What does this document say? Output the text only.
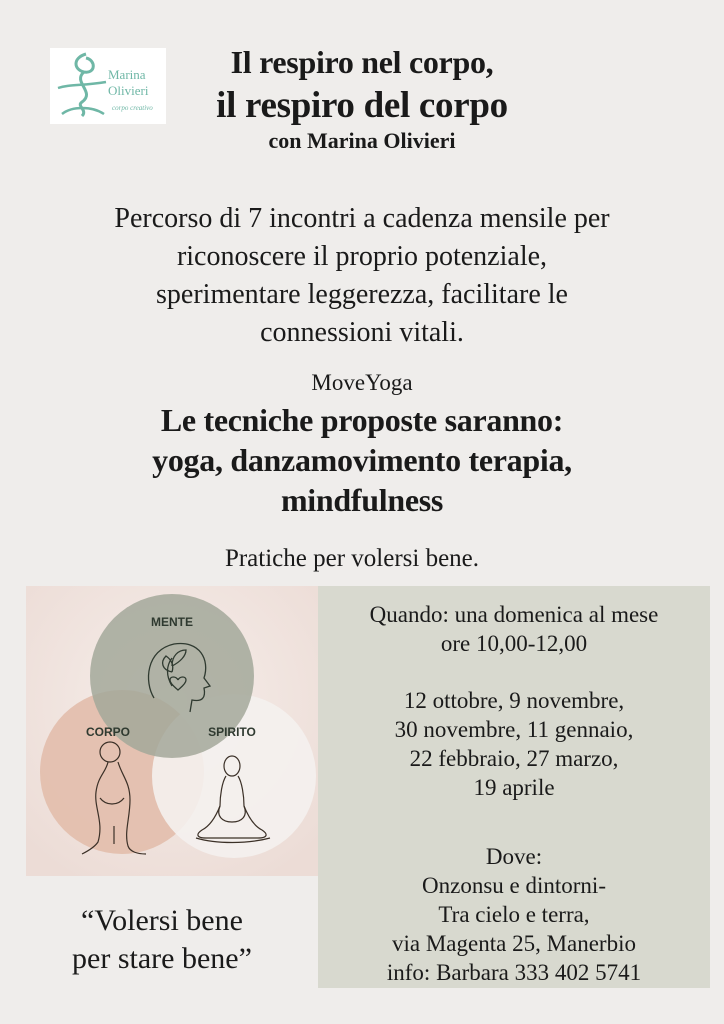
Marina
Olivieri
corpo creativo
Il respiro nel corpo,
il respiro del corpo
con Marina Olivieri
Percorso di 7 incontri a cadenza mensile per
riconoscere il proprio potenziale,
sperimentare leggerezza, facilitare le
connessioni vitali.
MoveYoga
Le tecniche proposte saranno:
yoga, danzamovimento terapia,
mindfulness
Pratiche per volersi bene.
MENTE
CORPO	SPIRITO
“Volersi bene
per stare bene”

Quando: una domenica al mese

ore 10,00-12,00

12 ottobre, 9 novembre,

30 novembre, 11 gennaio,

22 febbraio, 27 marzo,

19 aprile

Dove:

Onzonsu e dintorni-

Tra cielo e terra,

via Magenta 25, Manerbio

info: Barbara 333 402 5741
